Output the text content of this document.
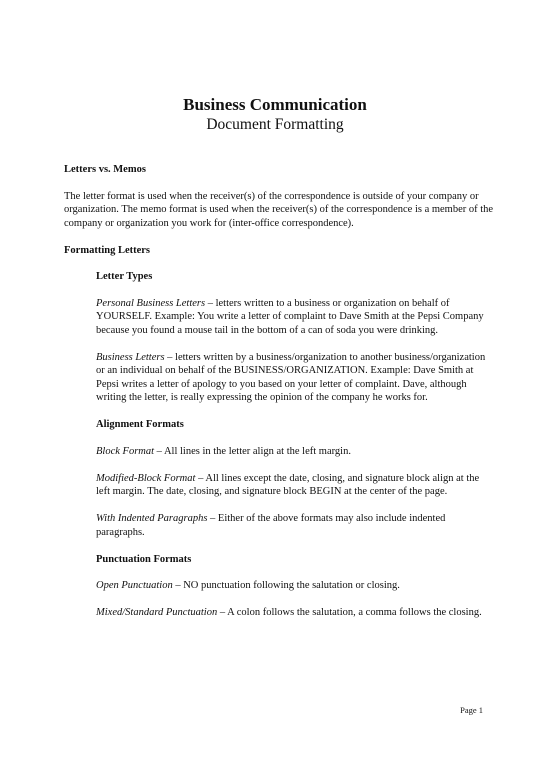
Business Communication
Document Formatting
Letters vs. Memos
The letter format is used when the receiver(s) of the correspondence is outside of your company or organization. The memo format is used when the receiver(s) of the correspondence is a member of the company or organization you work for (inter-office correspondence).
Formatting Letters
Letter Types
Personal Business Letters – letters written to a business or organization on behalf of YOURSELF. Example: You write a letter of complaint to Dave Smith at the Pepsi Company because you found a mouse tail in the bottom of a can of soda you were drinking.
Business Letters – letters written by a business/organization to another business/organization or an individual on behalf of the BUSINESS/ORGANIZATION. Example: Dave Smith at Pepsi writes a letter of apology to you based on your letter of complaint. Dave, although writing the letter, is really expressing the opinion of the company he works for.
Alignment Formats
Block Format – All lines in the letter align at the left margin.
Modified-Block Format – All lines except the date, closing, and signature block align at the left margin. The date, closing, and signature block BEGIN at the center of the page.
With Indented Paragraphs – Either of the above formats may also include indented paragraphs.
Punctuation Formats
Open Punctuation – NO punctuation following the salutation or closing.
Mixed/Standard Punctuation – A colon follows the salutation, a comma follows the closing.
Page 1
